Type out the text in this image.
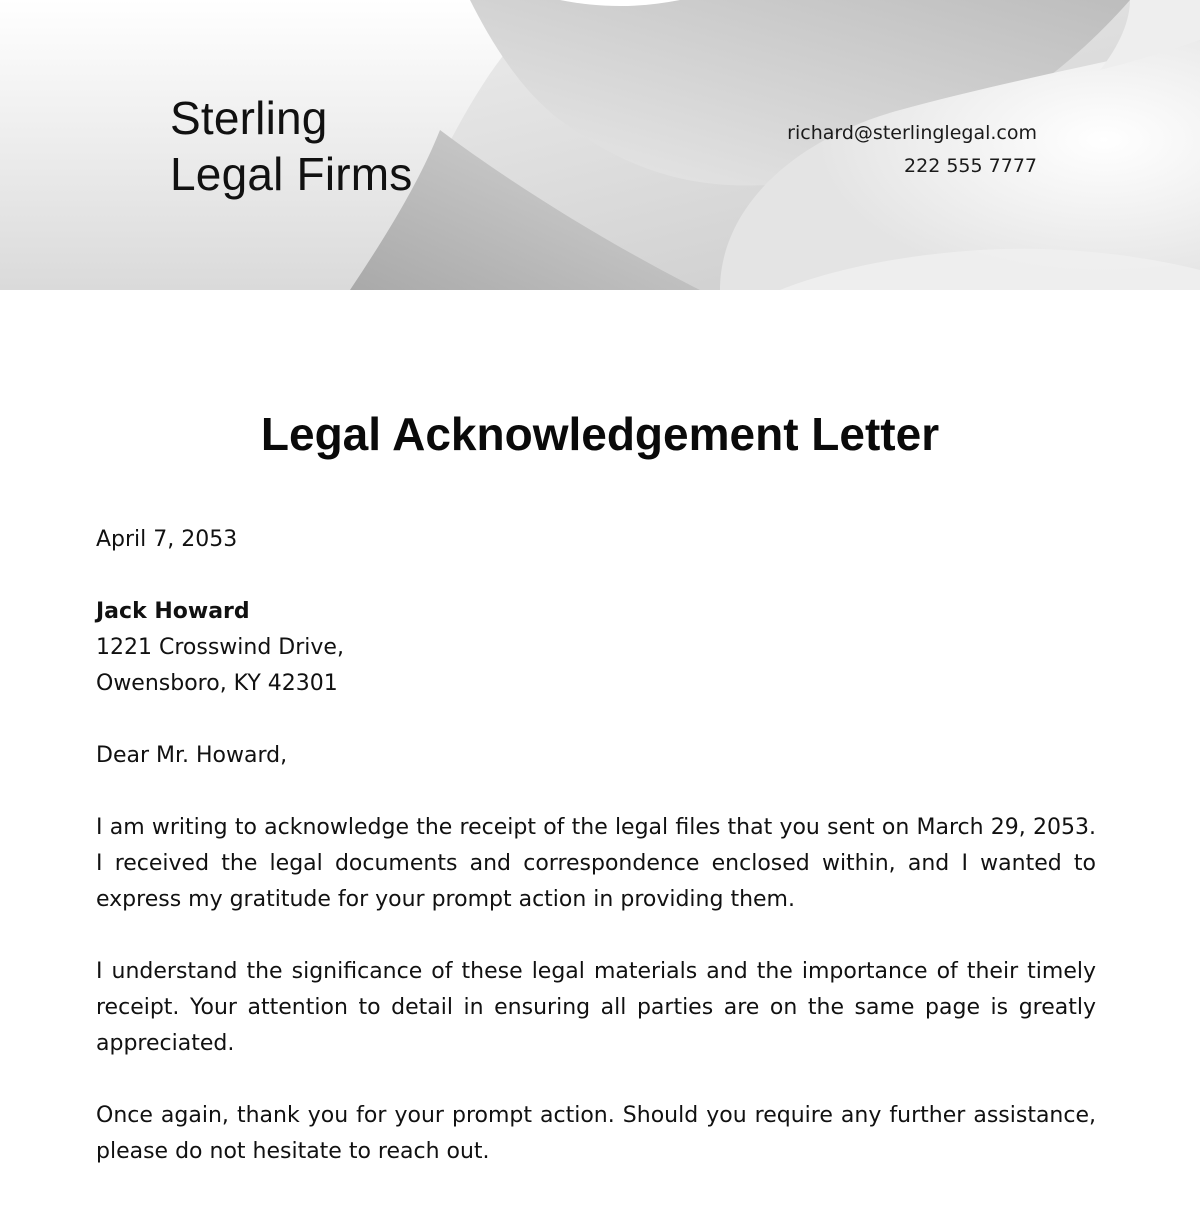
Sterling
Legal Firms
richard@sterlinglegal.com
222 555 7777
Legal Acknowledgement Letter

April 7, 2053

Jack Howard

1221 Crosswind Drive,

Owensboro, KY 42301

Dear Mr. Howard,

I am writing to acknowledge the receipt of the legal files that you sent on March 29, 2053. I received the legal documents and correspondence enclosed within, and I wanted to express my gratitude for your prompt action in providing them.

I understand the significance of these legal materials and the importance of their timely receipt. Your attention to detail in ensuring all parties are on the same page is greatly appreciated.

Once again, thank you for your prompt action. Should you require any further assistance, please do not hesitate to reach out.
